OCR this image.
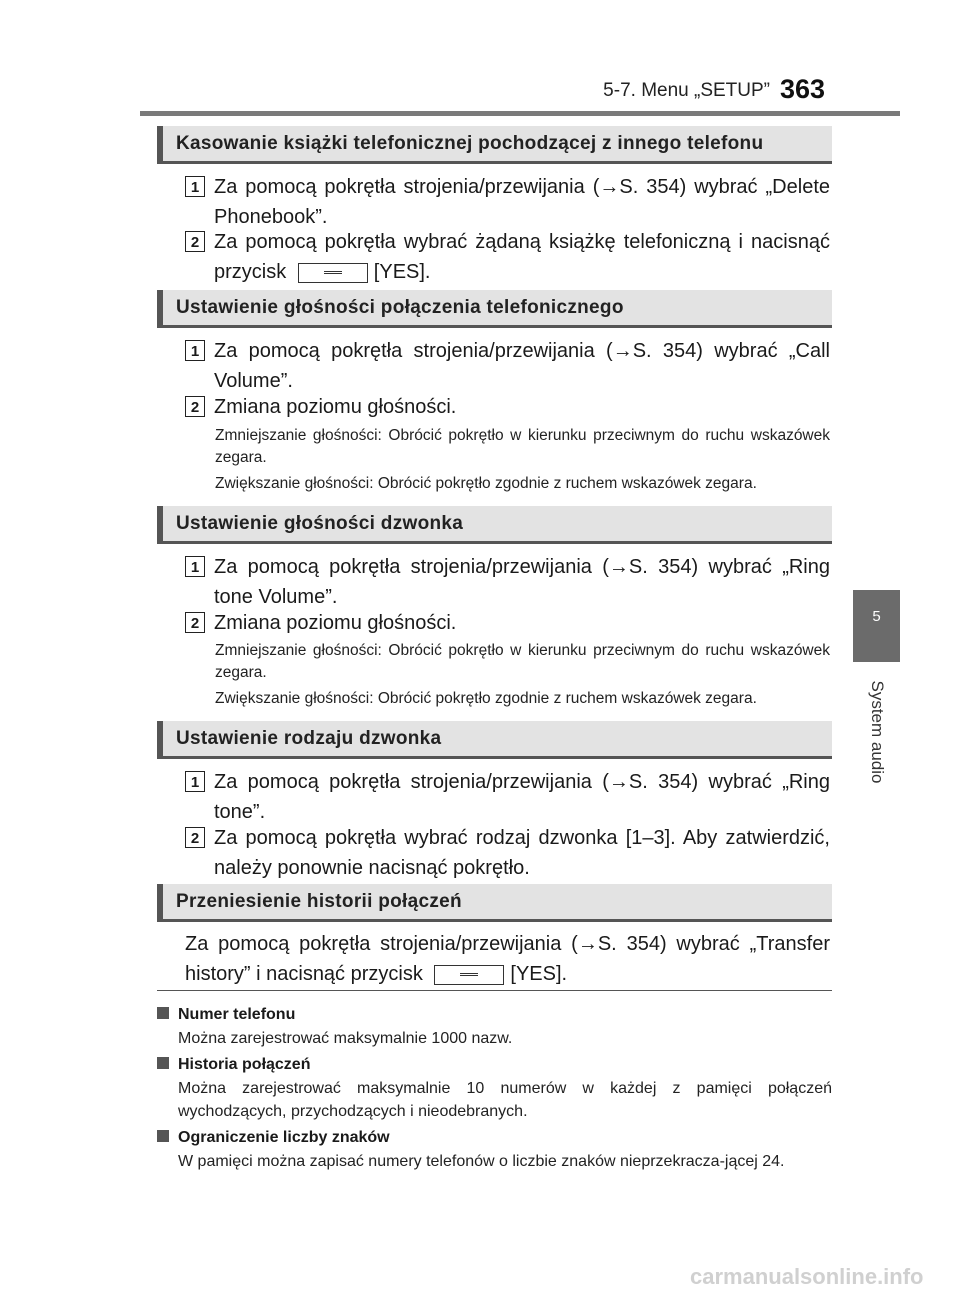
5-7. Menu „SETUP” 363
5
System audio
Kasowanie książki telefonicznej pochodzącej z innego telefonu
1 Za pomocą pokrętła strojenia/przewijania (→S. 354) wybrać „Delete Phonebook”.
2 Za pomocą pokrętła wybrać żądaną książkę telefoniczną i nacisnąć przycisk	[YES].
Ustawienie głośności połączenia telefonicznego
1 Za pomocą pokrętła strojenia/przewijania (→S. 354) wybrać „Call Volume”.
2 Zmiana poziomu głośności.
Zmniejszanie głośności: Obrócić pokrętło w kierunku przeciwnym do ruchu wskazówek zegara.
Zwiększanie głośności: Obrócić pokrętło zgodnie z ruchem wskazówek zegara.
Ustawienie głośności dzwonka
1 Za pomocą pokrętła strojenia/przewijania (→S. 354) wybrać „Ring tone Volume”.
2 Zmiana poziomu głośności.
Zmniejszanie głośności: Obrócić pokrętło w kierunku przeciwnym do ruchu wskazówek zegara.
Zwiększanie głośności: Obrócić pokrętło zgodnie z ruchem wskazówek zegara.
Ustawienie rodzaju dzwonka
1 Za pomocą pokrętła strojenia/przewijania (→S. 354) wybrać „Ring tone”.
2 Za pomocą pokrętła wybrać rodzaj dzwonka [1–3]. Aby zatwierdzić, należy ponownie nacisnąć pokrętło.
Przeniesienie historii połączeń
Za pomocą pokrętła strojenia/przewijania (→S. 354) wybrać „Transfer history” i nacisnąć przycisk	[YES].
Numer telefonu
Można zarejestrować maksymalnie 1000 nazw.
Historia połączeń
Można zarejestrować maksymalnie 10 numerów w każdej z pamięci połączeń wychodzących, przychodzących i nieodebranych.
Ograniczenie liczby znaków
W pamięci można zapisać numery telefonów o liczbie znaków nieprzekracza-jącej 24.
carmanualsonline.info
